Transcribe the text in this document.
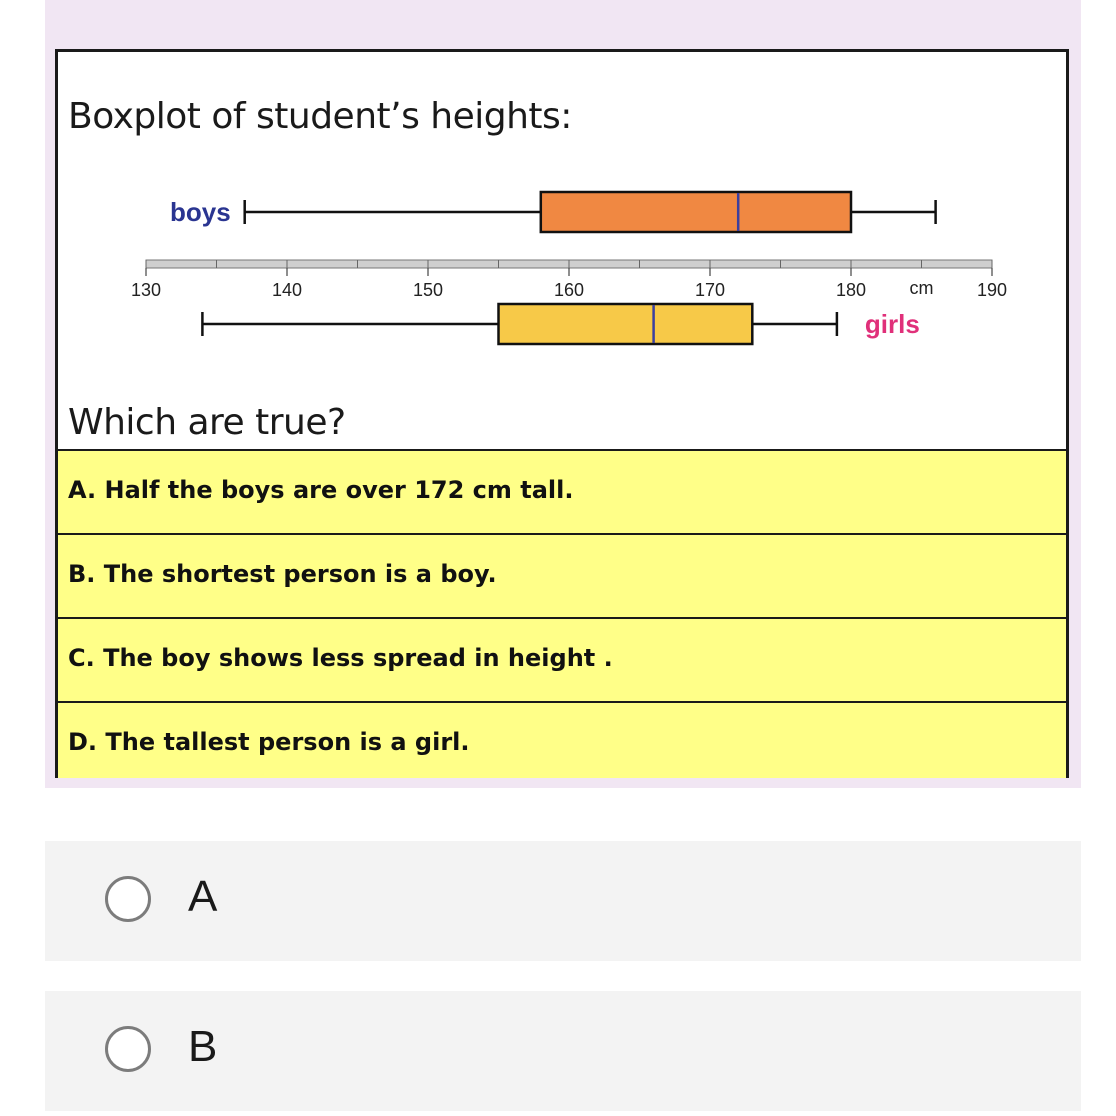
Boxplot of student’s heights:
130	140	150	160	170	180	190
cm
boys
girls
Which are true?
A. Half the boys are over 172 cm tall.
B. The shortest person is a boy.
C. The boy shows less spread in height .
D. The tallest person is a girl.
A
B
